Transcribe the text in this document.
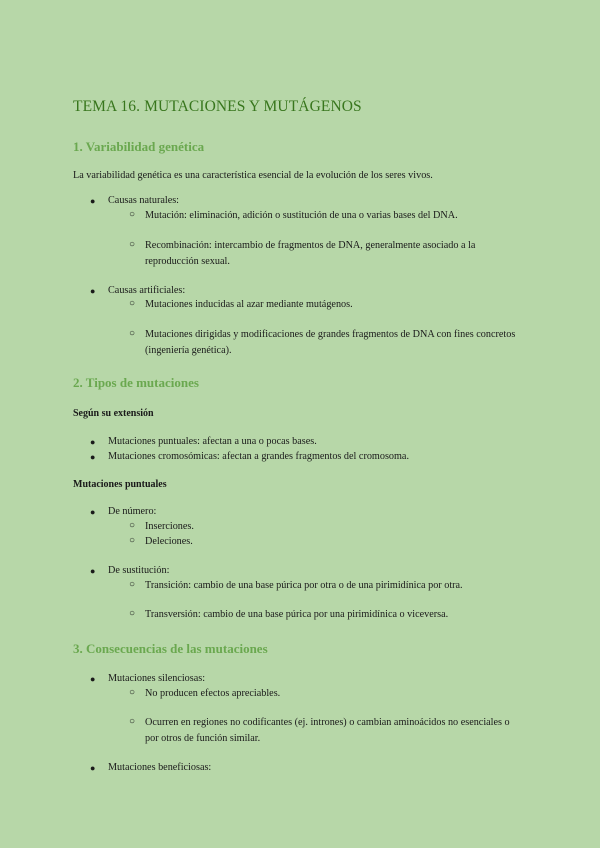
TEMA 16. MUTACIONES Y MUTÁGENOS
1. Variabilidad genética

La variabilidad genética es una característica esencial de la evolución de los seres vivos.

● Causas naturales:
○ Mutación: eliminación, adición o sustitución de una o varias bases del DNA.
○ Recombinación: intercambio de fragmentos de DNA, generalmente asociado a la reproducción sexual.
● Causas artificiales:
○ Mutaciones inducidas al azar mediante mutágenos.
○ Mutaciones dirigidas y modificaciones de grandes fragmentos de DNA con fines concretos (ingeniería genética).
2. Tipos de mutaciones

Según su extensión

● Mutaciones puntuales: afectan a una o pocas bases.
● Mutaciones cromosómicas: afectan a grandes fragmentos del cromosoma.

Mutaciones puntuales

● De número:
○ Inserciones.
○ Deleciones.
● De sustitución:
○ Transición: cambio de una base púrica por otra o de una pirimidínica por otra.
○ Transversión: cambio de una base púrica por una pirimidínica o viceversa.
3. Consecuencias de las mutaciones
● Mutaciones silenciosas:
○ No producen efectos apreciables.
○ Ocurren en regiones no codificantes (ej. intrones) o cambian aminoácidos no esenciales o por otros de función similar.
● Mutaciones beneficiosas:
